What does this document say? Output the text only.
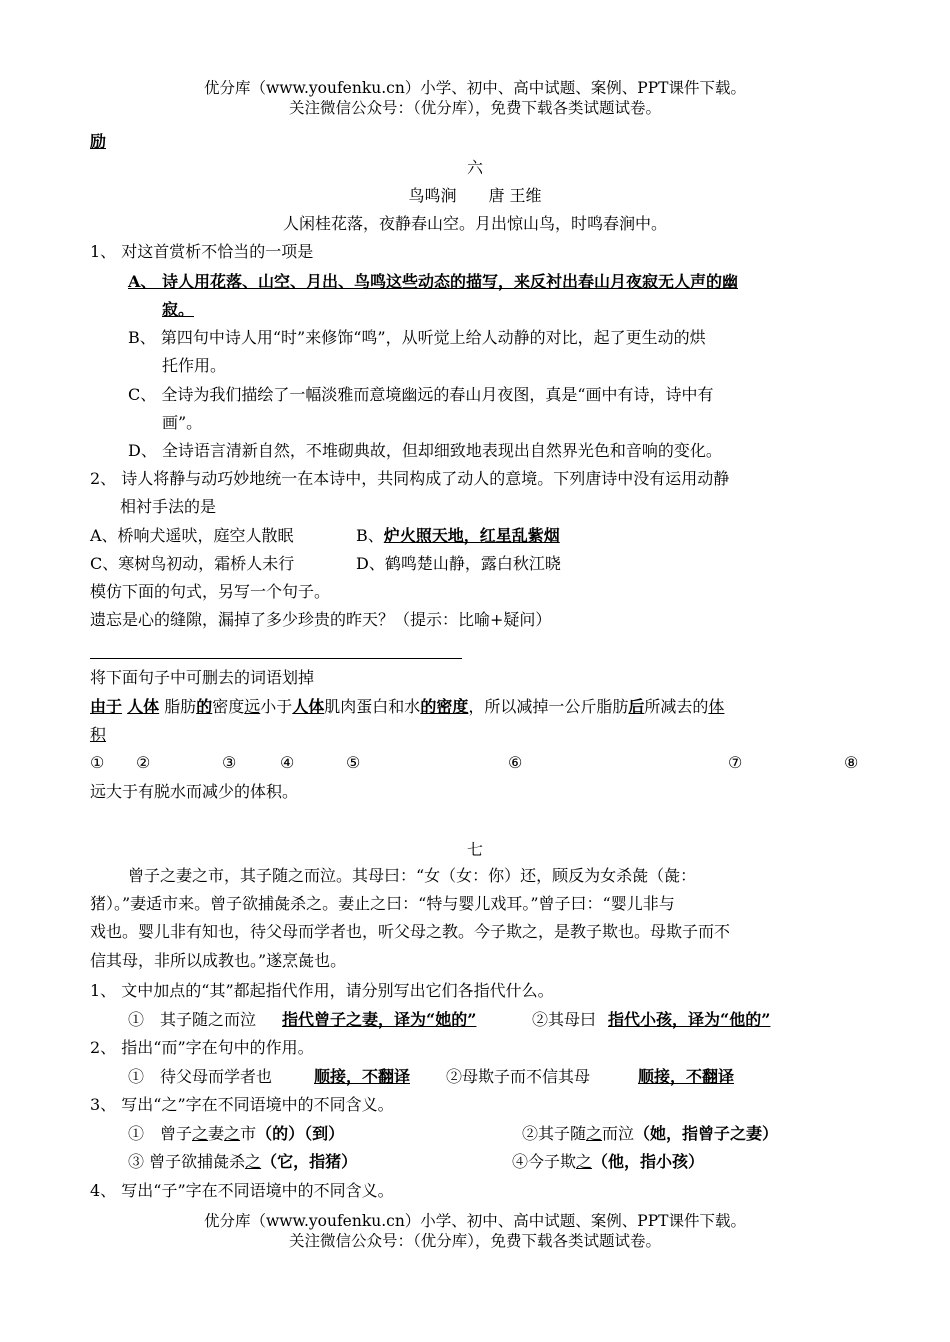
优分库（www.youfenku.cn）小学、初中、高中试题、案例、PPT课件下载。
关注微信公众号：（优分库），免费下载各类试题试卷。
励
六
鸟鸣涧　　唐 王维
人闲桂花落，夜静春山空。月出惊山鸟，时鸣春涧中。
1、 对这首赏析不恰当的一项是
A、 诗人用花落、山空、月出、鸟鸣这些动态的描写，来反衬出春山月夜寂无人声的幽
寂。
B、 第四句中诗人用“时”来修饰“鸣”，从听觉上给人动静的对比，起了更生动的烘
托作用。
C、 全诗为我们描绘了一幅淡雅而意境幽远的春山月夜图，真是“画中有诗，诗中有
画”。
D、 全诗语言清新自然，不堆砌典故，但却细致地表现出自然界光色和音响的变化。
2、 诗人将静与动巧妙地统一在本诗中，共同构成了动人的意境。下列唐诗中没有运用动静
相衬手法的是
A、桥响犬遥吠，庭空人散眠	B、炉火照天地，红星乱紫烟
C、寒树鸟初动，霜桥人未行	D、鹤鸣楚山静，露白秋江晓
模仿下面的句式，另写一个句子。
遗忘是心的缝隙，漏掉了多少珍贵的昨天？（提示：比喻+疑问）
将下面句子中可删去的词语划掉
由于 人体 脂肪的密度远小于人体肌肉蛋白和水的密度，所以减掉一公斤脂肪后所减去的体
积
① ②	③	④	⑤	⑥	⑦	⑧
远大于有脱水而减少的体积。
七
曾子之妻之市，其子随之而泣。其母曰：“女（女：你）还，顾反为女杀彘（彘：
猪）。”妻适市来。曾子欲捕彘杀之。妻止之曰：“特与婴儿戏耳。”曾子曰：“婴儿非与
戏也。婴儿非有知也，待父母而学者也，听父母之教。今子欺之，是教子欺也。母欺子而不
信其母，非所以成教也。”遂烹彘也。
1、 文中加点的“其”都起指代作用，请分别写出它们各指代什么。
①　其子随之而泣 指代曾子之妻，译为“她的”	②其母曰 指代小孩，译为“他的”
2、 指出“而”字在句中的作用。
①　待父母而学者也	顺接，不翻译 ②母欺子而不信其母	顺接，不翻译
3、 写出“之”字在不同语境中的不同含义。
①　曾子之妻之市（的）（到）	②其子随之而泣（她，指曾子之妻）
③ 曾子欲捕彘杀之（它，指猪）	④今子欺之（他，指小孩）
4、 写出“子”字在不同语境中的不同含义。
优分库（www.youfenku.cn）小学、初中、高中试题、案例、PPT课件下载。
关注微信公众号：（优分库），免费下载各类试题试卷。
